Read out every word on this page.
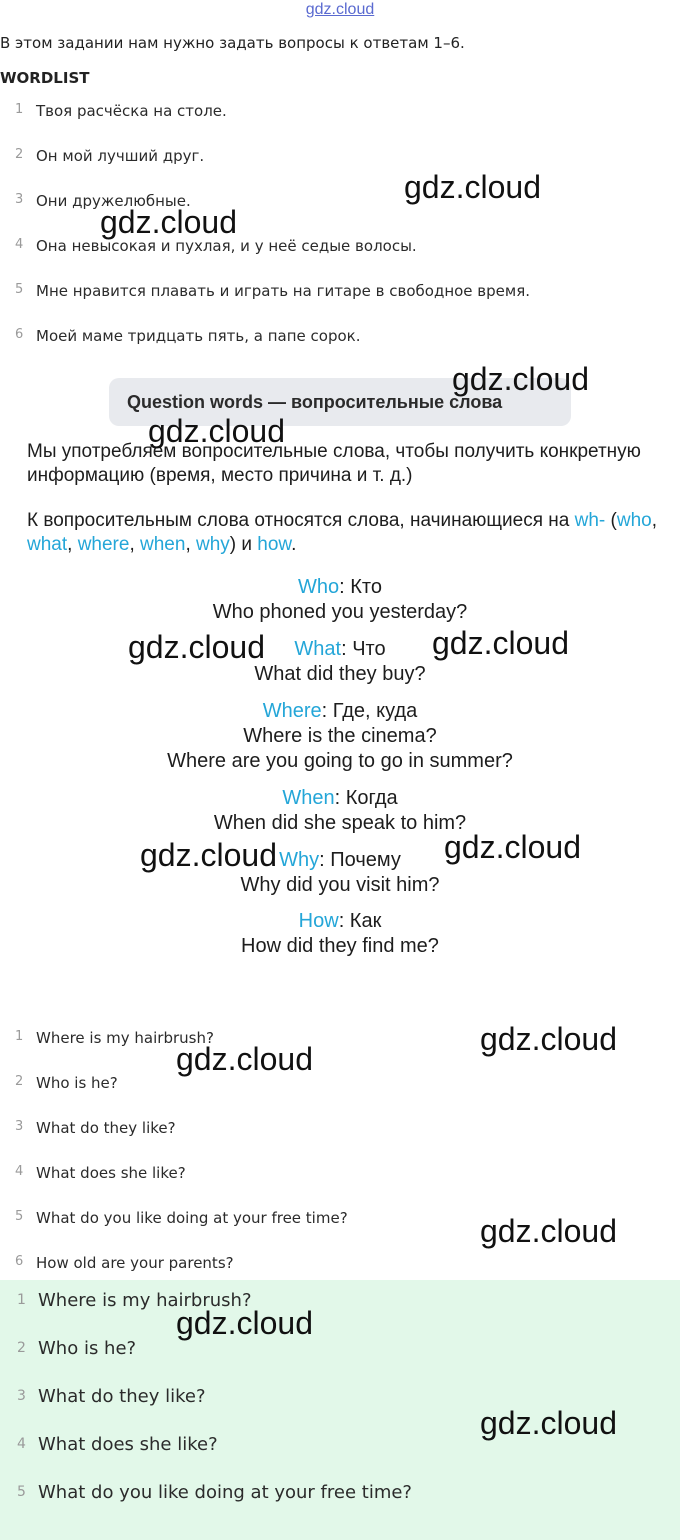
gdz.cloud
В этом задании нам нужно задать вопросы к ответам 1–6.
WORDLIST
1 Твоя расчёска на столе.
2 Он мой лучший друг.
3 Они дружелюбные.
4 Она невысокая и пухлая, и у неё седые волосы.
5 Мне нравится плавать и играть на гитаре в свободное время.
6 Моей маме тридцать пять, а папе сорок.
Question words — вопросительные слова
Мы употребляем вопросительные слова, чтобы получить конкретную информацию (время, место причина и т. д.)
К вопросительным слова относятся слова, начинающиеся на wh- (who, what, where, when, why) и how.
Who: Кто
Who phoned you yesterday?
What: Что
What did they buy?
Where: Где, куда
Where is the cinema?
Where are you going to go in summer?
When: Когда
When did she speak to him?
Why: Почему
Why did you visit him?
How: Как
How did they find me?
1 Where is my hairbrush?
2 Who is he?
3 What do they like?
4 What does she like?
5 What do you like doing at your free time?
6 How old are your parents?
1 Where is my hairbrush?
2 Who is he?
3 What do they like?
4 What does she like?
5 What do you like doing at your free time?
gdz.cloud
gdz.cloud
gdz.cloud
gdz.cloud
gdz.cloud	gdz.cloud
gdz.cloud	gdz.cloud
gdz.cloud
gdz.cloud
gdz.cloud
gdz.cloud
gdz.cloud
